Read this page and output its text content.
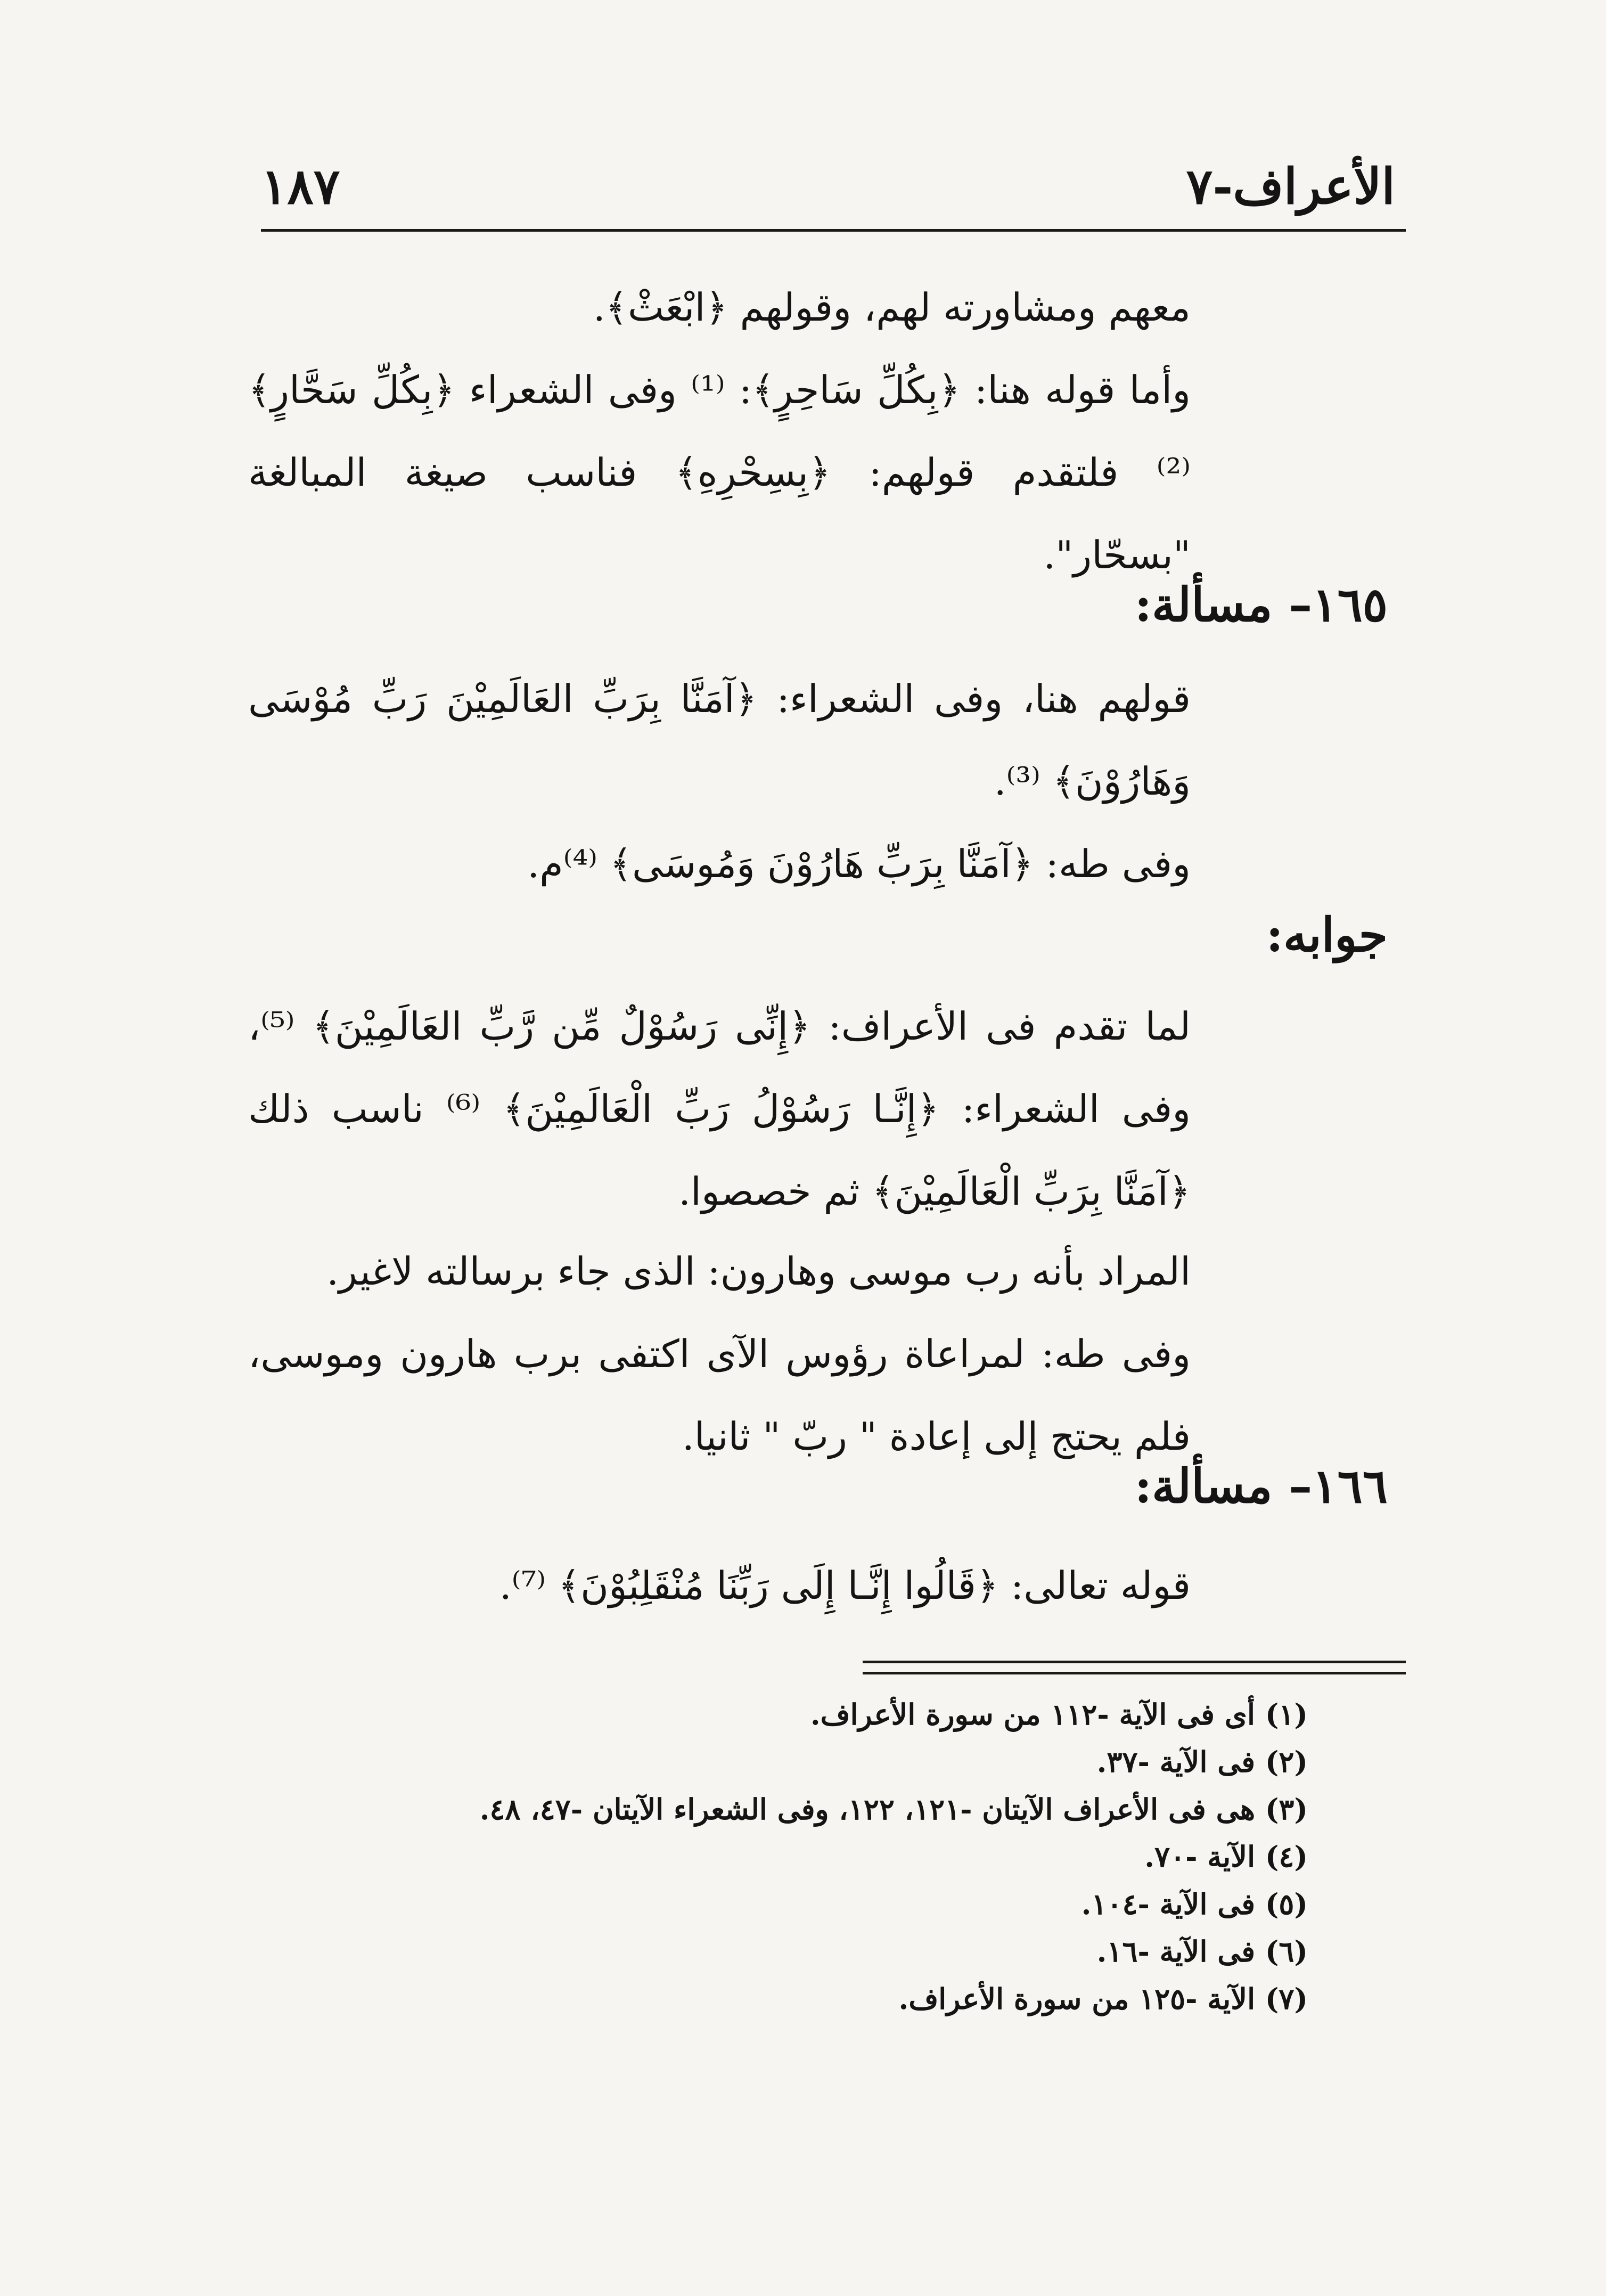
الأعراف-٧
١٨٧
معهم ومشاورته لهم، وقولهم ﴿ابْعَثْ﴾.
وأما قوله هنا: ﴿بِكُلِّ سَاحِرٍ﴾: ⁽¹⁾ وفى الشعراء ﴿بِكُلِّ سَحَّارٍ﴾ ⁽²⁾ فلتقدم قولهم: ﴿بِسِحْرِهِ﴾ فناسب صيغة المبالغة "بسحّار".
١٦٥– مسألة:
قولهم هنا، وفى الشعراء: ﴿آمَنَّا بِرَبِّ العَالَمِيْنَ رَبِّ مُوْسَى وَهَارُوْنَ﴾ ⁽³⁾.
وفى طه: ﴿آمَنَّا بِرَبِّ هَارُوْنَ وَمُوسَى﴾ ⁽⁴⁾م.
جوابه:
لما تقدم فى الأعراف: ﴿إِنِّى رَسُوْلٌ مِّن رَّبِّ العَالَمِيْنَ﴾ ⁽⁵⁾، وفى الشعراء: ﴿إِنَّـا رَسُوْلُ رَبِّ الْعَالَمِيْنَ﴾ ⁽⁶⁾ ناسب ذلك ﴿آمَنَّا بِرَبِّ الْعَالَمِيْنَ﴾ ثم خصصوا.
المراد بأنه رب موسى وهارون: الذى جاء برسالته لاغير.
وفى طه: لمراعاة رؤوس الآى اكتفى برب هارون وموسى، فلم يحتج إلى إعادة " ربّ " ثانيا.
١٦٦– مسألة:
قوله تعالى: ﴿قَالُوا إِنَّـا إِلَى رَبِّنَا مُنْقَلِبُوْنَ﴾ ⁽⁷⁾.
(١) أى فى الآية -١١٢ من سورة الأعراف.
(٢) فى الآية -٣٧.
(٣) هى فى الأعراف الآيتان -١٢١، ١٢٢، وفى الشعراء الآيتان -٤٧، ٤٨.
(٤) الآية -٧٠.
(٥) فى الآية -١٠٤.
(٦) فى الآية -١٦.
(٧) الآية -١٢٥ من سورة الأعراف.
